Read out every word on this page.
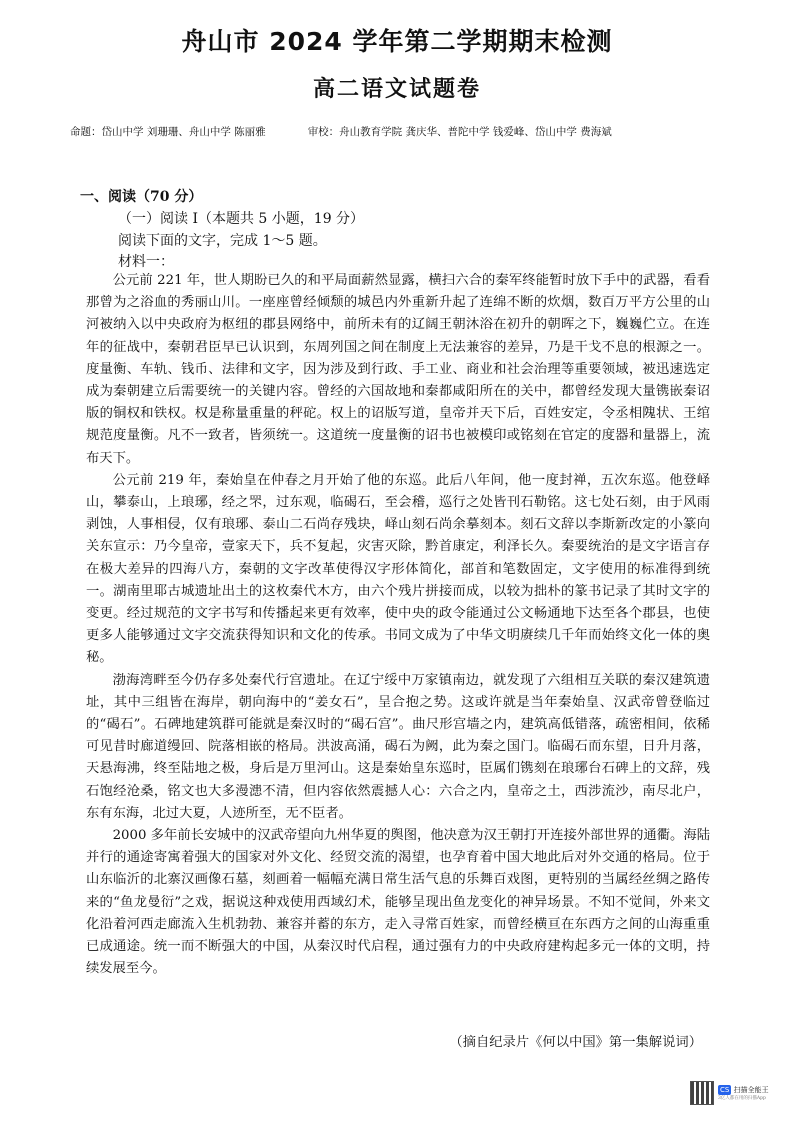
舟山市 2024 学年第二学期期末检测
高二语文试题卷
命题：岱山中学 刘珊珊、舟山中学 陈丽雅	审校：舟山教育学院 龚庆华、普陀中学 钱爱峰、岱山中学 费海斌
一、阅读（70 分）
（一）阅读 I（本题共 5 小题，19 分）
阅读下面的文字，完成 1～5 题。
材料一：

公元前 221 年，世人期盼已久的和平局面薪然显露，横扫六合的秦军终能暂时放下手中的武器，看看那曾为之浴血的秀丽山川。一座座曾经倾颓的城邑内外重新升起了连绵不断的炊烟，数百万平方公里的山河被纳入以中央政府为枢纽的郡县网络中，前所未有的辽阔王朝沐浴在初升的朝晖之下，巍巍伫立。在连年的征战中，秦朝君臣早已认识到，东周列国之间在制度上无法兼容的差异，乃是干戈不息的根源之一。度量衡、车轨、钱币、法律和文字，因为涉及到行政、手工业、商业和社会治理等重要领域，被迅速选定成为秦朝建立后需要统一的关键内容。曾经的六国故地和秦都咸阳所在的关中，都曾经发现大量镌嵌秦诏版的铜权和铁权。权是称量重量的秤砣。权上的诏版写道，皇帝并天下后，百姓安定，令丞相隗状、王绾规范度量衡。凡不一致者，皆须统一。这道统一度量衡的诏书也被模印或铭刻在官定的度器和量器上，流布天下。

公元前 219 年，秦始皇在仲春之月开始了他的东巡。此后八年间，他一度封禅，五次东巡。他登峄山，攀泰山，上琅琊，经之罘，过东观，临碣石，至会稽，巡行之处皆刊石勒铭。这七处石刻，由于风雨剥蚀，人事相侵，仅有琅琊、泰山二石尚存残块，峄山刻石尚余摹刻本。刻石文辞以李斯新改定的小篆向关东宣示：乃今皇帝，壹家天下，兵不复起，灾害灭除，黔首康定，利泽长久。秦要统治的是文字语言存在极大差异的四海八方，秦朝的文字改革使得汉字形体简化，部首和笔数固定，文字使用的标准得到统一。湖南里耶古城遗址出土的这枚秦代木方，由六个残片拼接而成，以较为拙朴的篆书记录了其时文字的变更。经过规范的文字书写和传播起来更有效率，使中央的政令能通过公文畅通地下达至各个郡县，也使更多人能够通过文字交流获得知识和文化的传承。书同文成为了中华文明赓续几千年而始终文化一体的奥秘。

渤海湾畔至今仍存多处秦代行宫遗址。在辽宁绥中万家镇南边，就发现了六组相互关联的秦汉建筑遗址，其中三组皆在海岸，朝向海中的“姜女石”，呈合抱之势。这或许就是当年秦始皇、汉武帝曾登临过的“碣石”。石碑地建筑群可能就是秦汉时的“碣石宫”。曲尺形宫墙之内，建筑高低错落，疏密相间，依稀可见昔时廊道缦回、院落相嵌的格局。洪波高涌，碣石为阙，此为秦之国门。临碣石而东望，日升月落，天悬海沸，终至陆地之极，身后是万里河山。这是秦始皇东巡时，臣属们镌刻在琅琊台石碑上的文辞，残石饱经沧桑，铭文也大多漫漶不清，但内容依然震撼人心：六合之内，皇帝之土，西涉流沙，南尽北户，东有东海，北过大夏，人迹所至，无不臣者。

2000 多年前长安城中的汉武帝望向九州华夏的舆图，他决意为汉王朝打开连接外部世界的通衢。海陆并行的通途寄寓着强大的国家对外文化、经贸交流的渴望，也孕育着中国大地此后对外交通的格局。位于山东临沂的北寨汉画像石墓，刻画着一幅幅充满日常生活气息的乐舞百戏图，更特别的当属经丝绸之路传来的“鱼龙曼衍”之戏，据说这种戏使用西域幻术，能够呈现出鱼龙变化的神异场景。不知不觉间，外来文化沿着河西走廊流入生机勃勃、兼容并蓄的东方，走入寻常百姓家，而曾经横亘在东西方之间的山海重重已成通途。统一而不断强大的中国，从秦汉时代启程，通过强有力的中央政府建构起多元一体的文明，持续发展至今。

（摘自纪录片《何以中国》第一集解说词）
CS 扫描全能王
3亿人都在用的扫描App
